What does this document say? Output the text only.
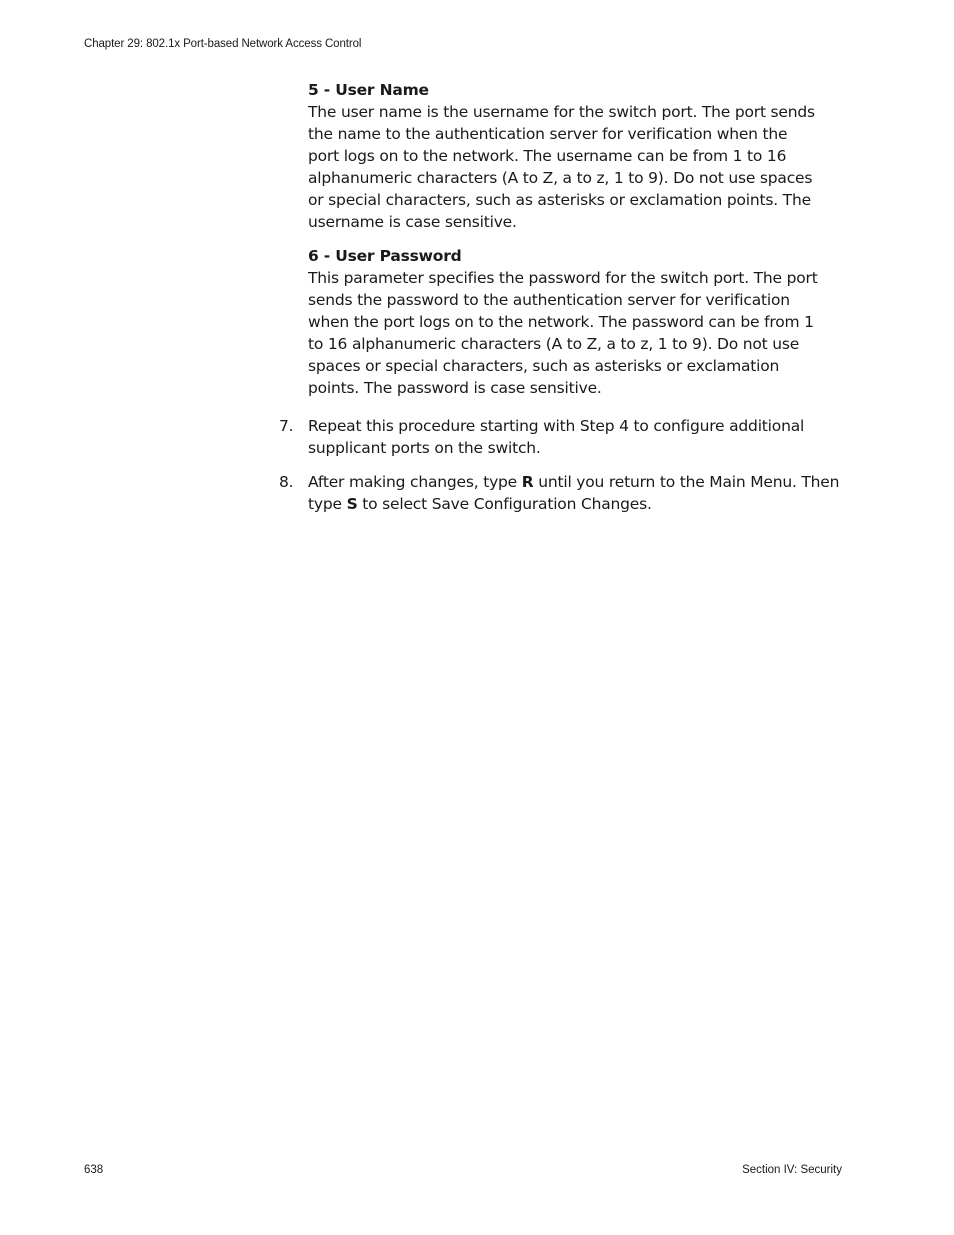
Chapter 29: 802.1x Port-based Network Access Control
5 - User Name
The user name is the username for the switch port. The port sends the name to the authentication server for verification when the port logs on to the network. The username can be from 1 to 16 alphanumeric characters (A to Z, a to z, 1 to 9). Do not use spaces or special characters, such as asterisks or exclamation points. The username is case sensitive.
6 - User Password
This parameter specifies the password for the switch port. The port sends the password to the authentication server for verification when the port logs on to the network. The password can be from 1 to 16 alphanumeric characters (A to Z, a to z, 1 to 9). Do not use spaces or special characters, such as asterisks or exclamation points. The password is case sensitive.
7. Repeat this procedure starting with Step 4 to configure additional supplicant ports on the switch.
8. After making changes, type R until you return to the Main Menu. Then type S to select Save Configuration Changes.
638	Section IV: Security
